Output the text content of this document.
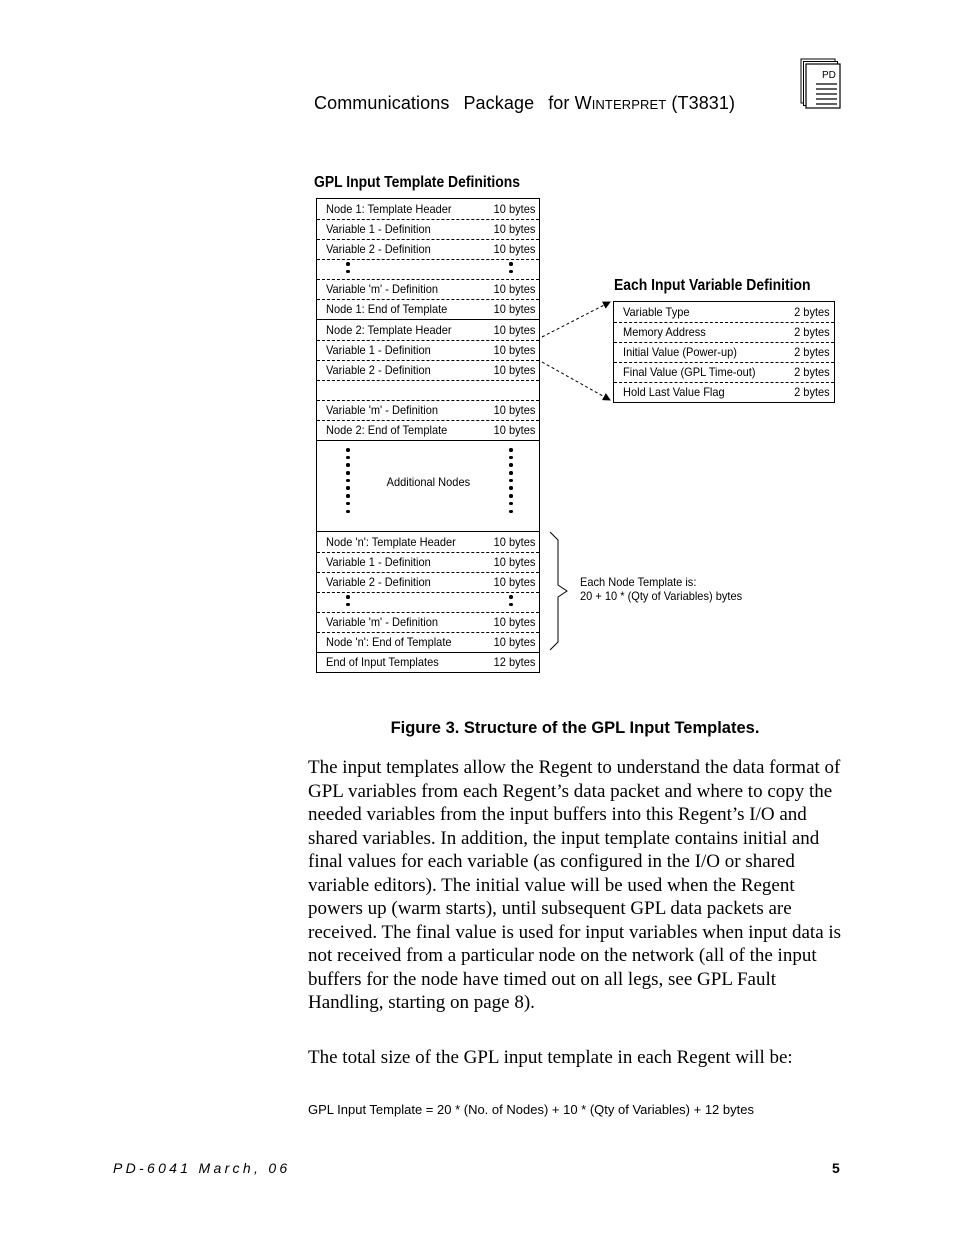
Communications Package for Winterpret (T3831)
PD
GPL Input Template Definitions
Node 1: Template Header	10 bytes
Variable 1 - Definition	10 bytes
Variable 2 - Definition	10 bytes
Variable 'm' - Definition	10 bytes
Node 1: End of Template	10 bytes
Node 2: Template Header	10 bytes
Variable 1 - Definition	10 bytes
Variable 2 - Definition	10 bytes
Variable 'm' - Definition	10 bytes
Node 2: End of Template	10 bytes
Additional Nodes
Node 'n': Template Header	10 bytes
Variable 1 - Definition	10 bytes
Variable 2 - Definition	10 bytes
Variable 'm' - Definition	10 bytes
Node 'n': End of Template	10 bytes
End of Input Templates	12 bytes
Each Input Variable Definition
Variable Type	2 bytes
Memory Address	2 bytes
Initial Value (Power-up)	2 bytes
Final Value (GPL Time-out)	2 bytes
Hold Last Value Flag	2 bytes
Each Node Template is:
20 + 10 * (Qty of Variables) bytes
Figure 3. Structure of the GPL Input Templates.
The input templates allow the Regent to understand the data format of GPL variables from each Regent’s data packet and where to copy the needed variables from the input buffers into this Regent’s I/O and shared variables. In addition, the input template contains initial and final values for each variable (as configured in the I/O or shared variable editors). The initial value will be used when the Regent powers up (warm starts), until subsequent GPL data packets are received. The final value is used for input variables when input data is not received from a particular node on the network (all of the input buffers for the node have timed out on all legs, see GPL Fault Handling, starting on page 8).
The total size of the GPL input template in each Regent will be:
GPL Input Template = 20 * (No. of Nodes) + 10 * (Qty of Variables) + 12 bytes
PD-6041 March, 06	5
